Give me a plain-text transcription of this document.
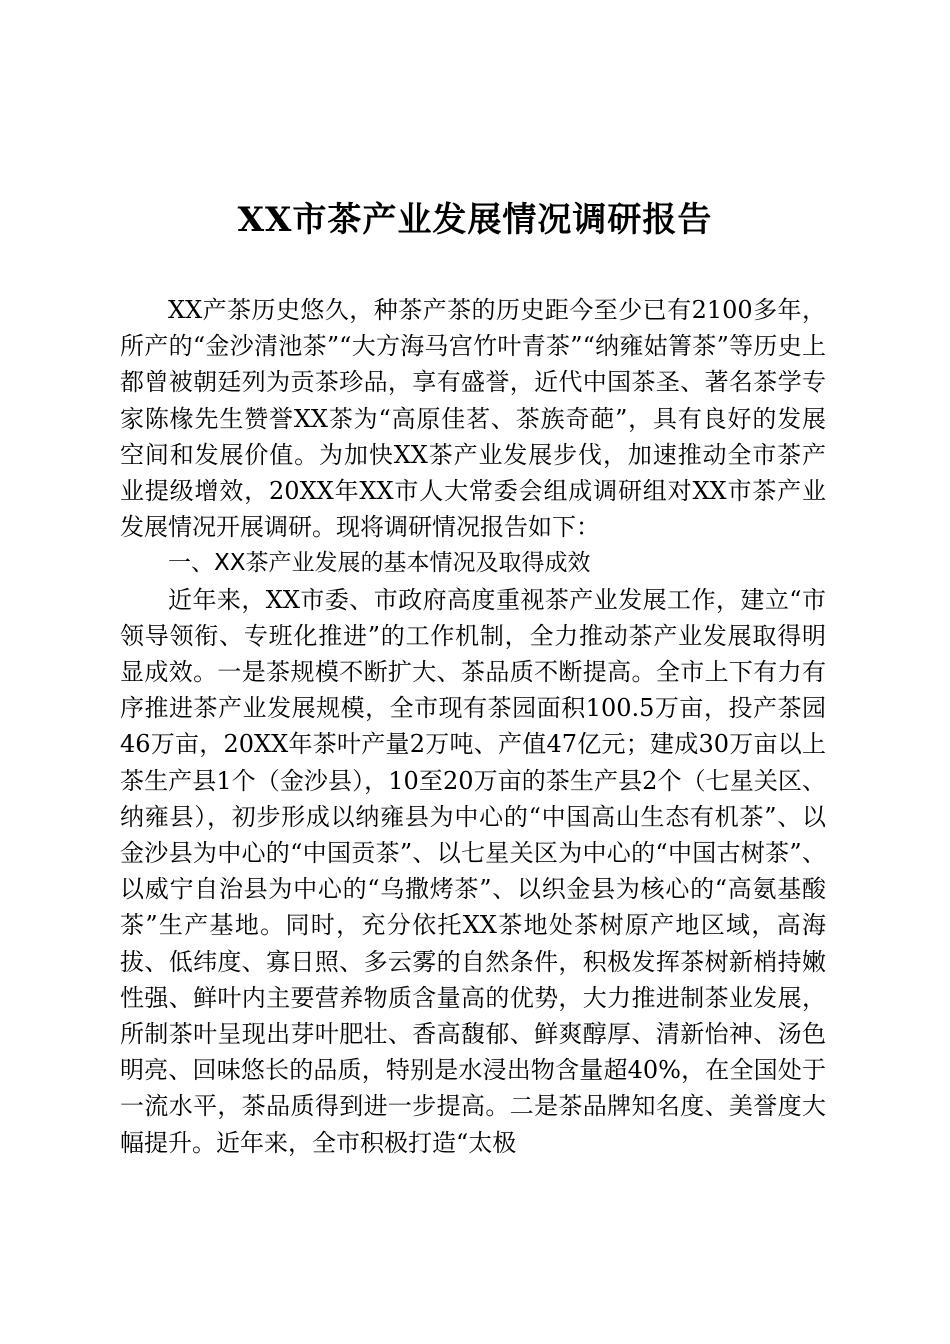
XX市茶产业发展情况调研报告

XX产茶历史悠久，种茶产茶的历史距今至少已有2100多年，所产的“金沙清池茶”“大方海马宫竹叶青茶”“纳雍姑箐茶”等历史上都曾被朝廷列为贡茶珍品，享有盛誉，近代中国茶圣、著名茶学专家陈椽先生赞誉XX茶为“高原佳茗、茶族奇葩”，具有良好的发展空间和发展价值。为加快XX茶产业发展步伐，加速推动全市茶产业提级增效，20XX年XX市人大常委会组成调研组对XX市茶产业发展情况开展调研。现将调研情况报告如下：

一、XX茶产业发展的基本情况及取得成效

近年来，XX市委、市政府高度重视茶产业发展工作，建立“市领导领衔、专班化推进”的工作机制，全力推动茶产业发展取得明显成效。一是茶规模不断扩大、茶品质不断提高。全市上下有力有序推进茶产业发展规模，全市现有茶园面积100.5万亩，投产茶园46万亩，20XX年茶叶产量2万吨、产值47亿元；建成30万亩以上茶生产县1个（金沙县），10至20万亩的茶生产县2个（七星关区、纳雍县），初步形成以纳雍县为中心的“中国高山生态有机茶”、以金沙县为中心的“中国贡茶”、以七星关区为中心的“中国古树茶”、以威宁自治县为中心的“乌撒烤茶”、以织金县为核心的“高氨基酸茶”生产基地。同时，充分依托XX茶地处茶树原产地区域，高海拔、低纬度、寡日照、多云雾的自然条件，积极发挥茶树新梢持嫩性强、鲜叶内主要营养物质含量高的优势，大力推进制茶业发展，所制茶叶呈现出芽叶肥壮、香高馥郁、鲜爽醇厚、清新怡神、汤色明亮、回味悠长的品质，特别是水浸出物含量超40%，在全国处于一流水平，茶品质得到进一步提高。二是茶品牌知名度、美誉度大幅提升。近年来，全市积极打造“太极
